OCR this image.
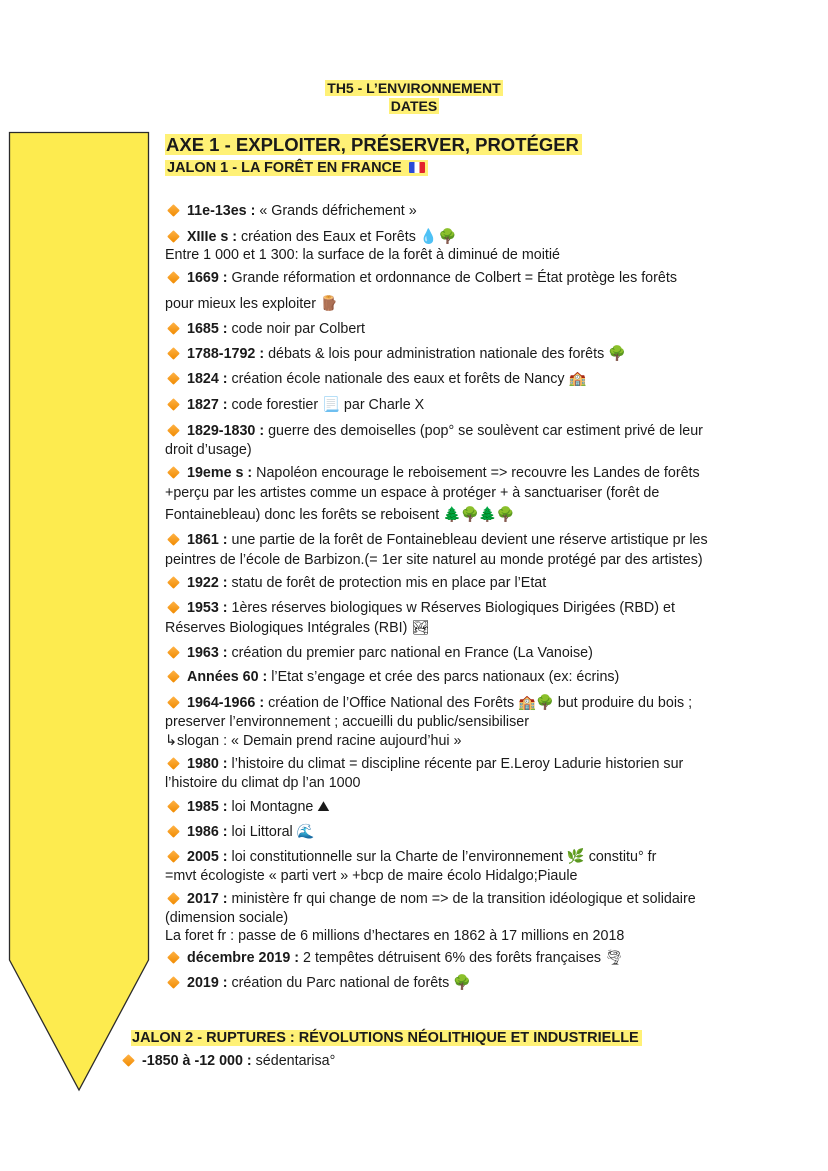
TH5 - L’ENVIRONNEMENT
DATES
AXE 1 - EXPLOITER, PRÉSERVER, PROTÉGER
JALON 1 - LA FORÊT EN FRANCE
11e-13es : « Grands défrichement »
XIIIe s : création des Eaux et Forêts 💧🌳
Entre 1 000 et 1 300: la surface de la forêt à diminué de moitié
1669 : Grande réformation et ordonnance de Colbert = État protège les forêts
pour mieux les exploiter 🪵
1685 : code noir par Colbert
1788-1792 : débats & lois pour administration nationale des forêts 🌳
1824 : création école nationale des eaux et forêts de Nancy 🏫
1827 : code forestier 📃 par Charle X
1829-1830 : guerre des demoiselles (pop° se soulèvent car estiment privé de leur
droit d’usage)
19eme s : Napoléon encourage le reboisement => recouvre les Landes de forêts
+perçu par les artistes comme un espace à protéger + à sanctuariser (forêt de
Fontainebleau) donc les forêts se reboisent 🌲🌳🌲🌳
1861 : une partie de la forêt de Fontainebleau devient une réserve artistique pr les
peintres de l’école de Barbizon.(= 1er site naturel au monde protégé par des artistes)
1922 : statu de forêt de protection mis en place par l’Etat
1953 : 1ères réserves biologiques w Réserves Biologiques Dirigées (RBD) et
Réserves Biologiques Intégrales (RBI) 🏞
1963 : création du premier parc national en France (La Vanoise)
Années 60 : l’Etat s’engage et crée des parcs nationaux (ex: écrins)
1964-1966 : création de l’Office National des Forêts 🏫🌳 but produire du bois ;
preserver l’environnement ; accueilli du public/sensibiliser
↳slogan : « Demain prend racine aujourd’hui »
1980 : l’histoire du climat = discipline récente par E.Leroy Ladurie historien sur
l’histoire du climat dp l’an 1000
1985 : loi Montagne ⛰
1986 : loi Littoral 🌊
2005 : loi constitutionnelle sur la Charte de l’environnement 🌿 constitu° fr
=mvt écologiste « parti vert » +bcp de maire écolo Hidalgo;Piaule
2017 : ministère fr qui change de nom => de la transition idéologique et solidaire
(dimension sociale)
La foret fr : passe de 6 millions d’hectares en 1862 à 17 millions en 2018
décembre 2019 : 2 tempêtes détruisent 6% des forêts françaises 🌪
2019 : création du Parc national de forêts 🌳
JALON 2 - RUPTURES : RÉVOLUTIONS NÉOLITHIQUE ET INDUSTRIELLE
-1850 à -12 000 : sédentarisa°
